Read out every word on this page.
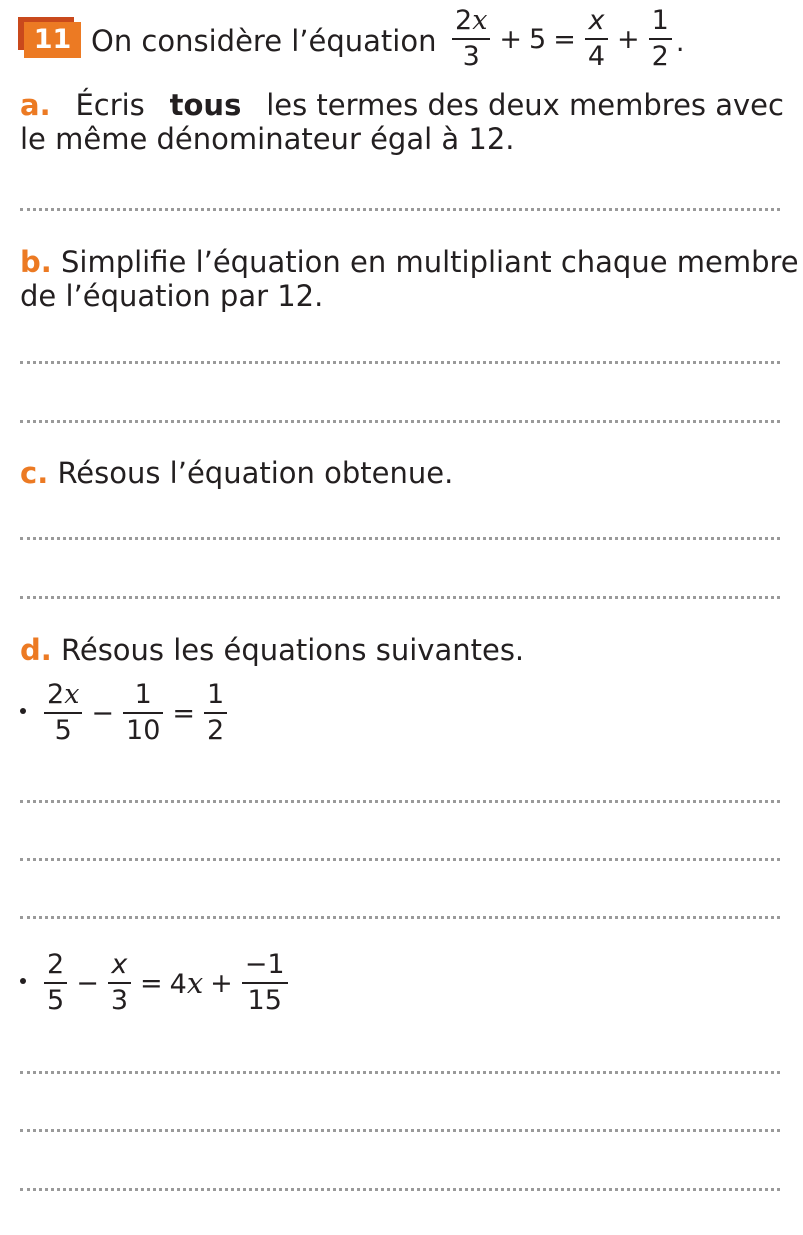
11 On considère l’équation $\frac{2x}{3} + 5 = \frac{x}{4} + \frac{1}{2}$ .
a. Écris tous les termes des deux membres avec
le même dénominateur égal à 12.
b. Simplifie l’équation en multipliant chaque membre
de l’équation par 12.
c. Résous l’équation obtenue.
d. Résous les équations suivantes.
$\frac{2x}{5} - \frac{1}{10} = \frac{1}{2}$
$\frac{2}{5} - \frac{x}{3} = 4x + \frac{-1}{15}$
